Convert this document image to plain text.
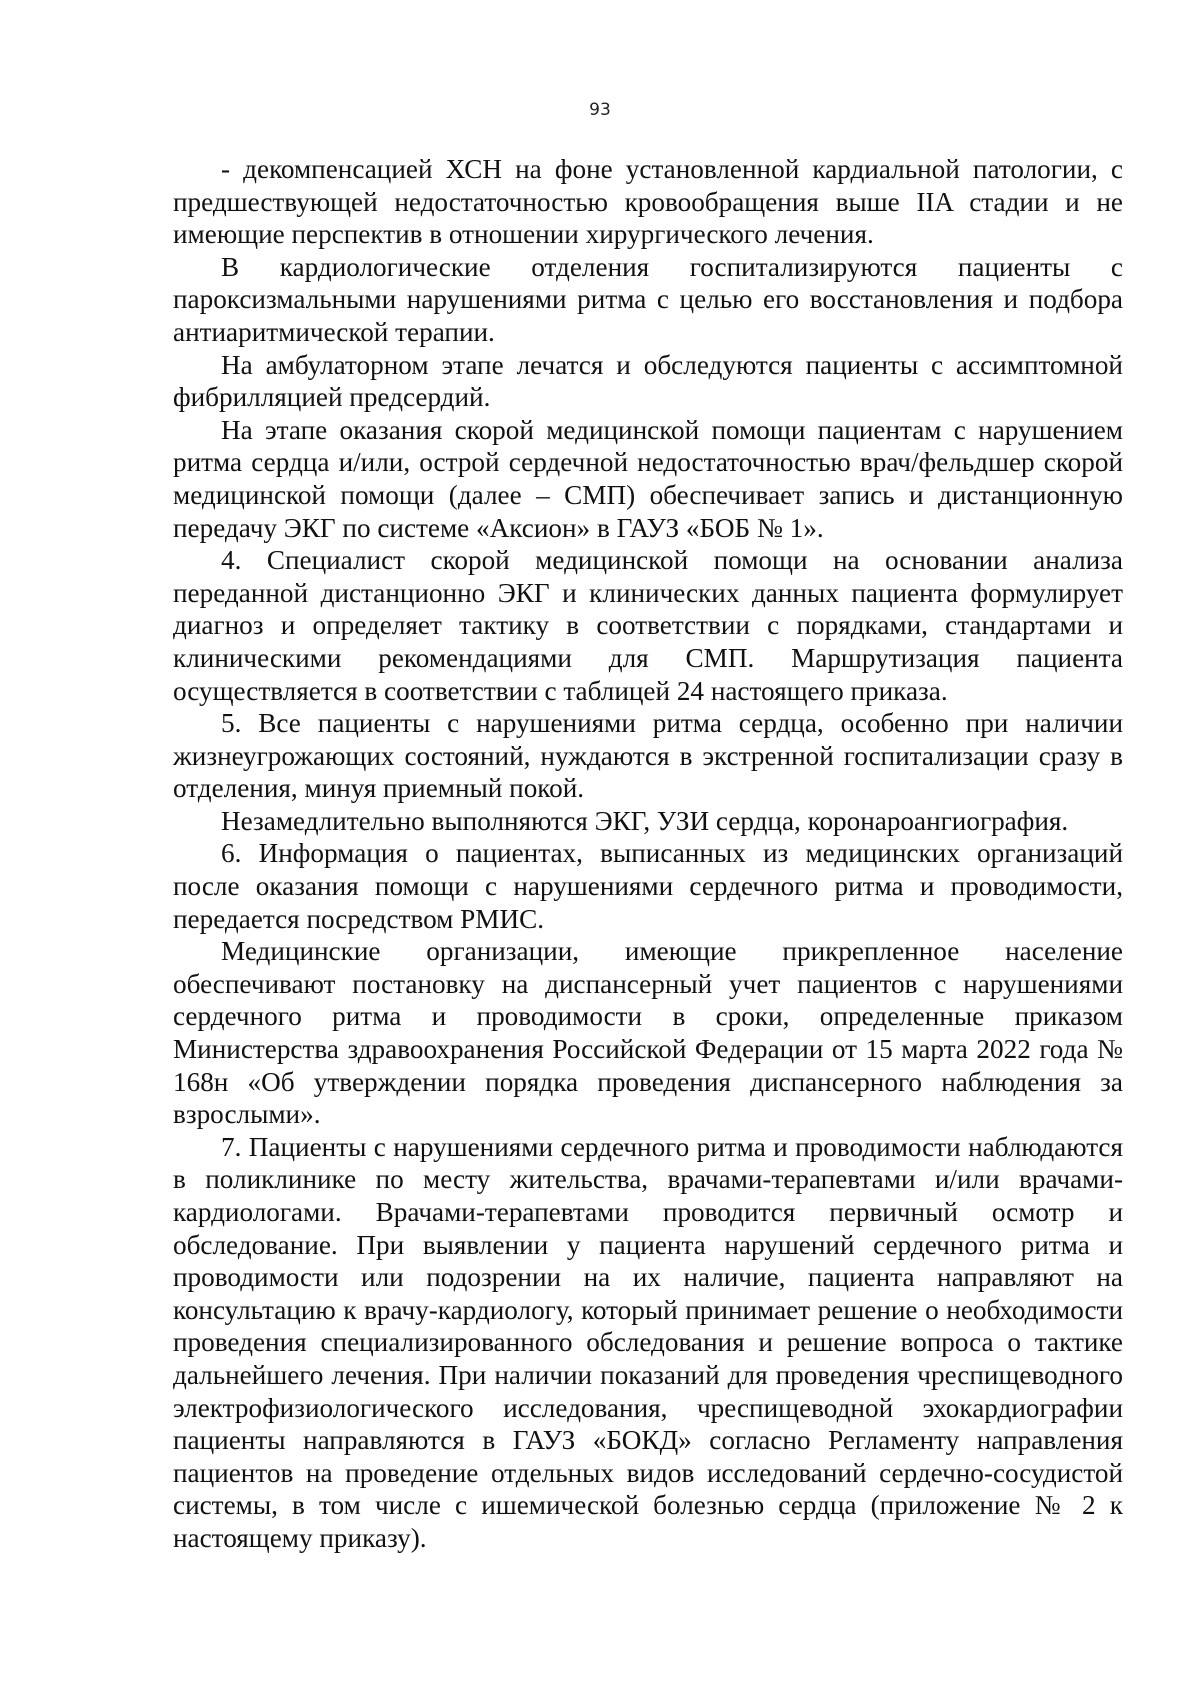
93

- декомпенсацией ХСН на фоне установленной кардиальной патологии, с предшествующей недостаточностью кровообращения выше IIA стадии и не имеющие перспектив в отношении хирургического лечения.

В кардиологические отделения госпитализируются пациенты с пароксизмальными нарушениями ритма с целью его восстановления и подбора антиаритмической терапии.

На амбулаторном этапе лечатся и обследуются пациенты с ассимптомной фибрилляцией предсердий.

На этапе оказания скорой медицинской помощи пациентам с нарушением ритма сердца и/или, острой сердечной недостаточностью врач/фельдшер скорой медицинской помощи (далее – СМП) обеспечивает запись и дистанционную передачу ЭКГ по системе «Аксион» в ГАУЗ «БОБ № 1».

4. Специалист скорой медицинской помощи на основании анализа переданной дистанционно ЭКГ и клинических данных пациента формулирует диагноз и определяет тактику в соответствии с порядками, стандартами и клиническими рекомендациями для СМП. Маршрутизация пациента осуществляется в соответствии с таблицей 24 настоящего приказа.

5. Все пациенты с нарушениями ритма сердца, особенно при наличии жизнеугрожающих состояний, нуждаются в экстренной госпитализации сразу в отделения, минуя приемный покой.

Незамедлительно выполняются ЭКГ, УЗИ сердца, коронароангиография.

6. Информация о пациентах, выписанных из медицинских организаций после оказания помощи с нарушениями сердечного ритма и проводимости, передается посредством РМИС.

Медицинские организации, имеющие прикрепленное население обеспечивают постановку на диспансерный учет пациентов с нарушениями сердечного ритма и проводимости в сроки, определенные приказом Министерства здравоохранения Российской Федерации от 15 марта 2022 года № 168н «Об утверждении порядка проведения диспансерного наблюдения за взрослыми».

7. Пациенты с нарушениями сердечного ритма и проводимости наблюдаются в поликлинике по месту жительства, врачами-терапевтами и/или врачами-кардиологами. Врачами-терапевтами проводится первичный осмотр и обследование. При выявлении у пациента нарушений сердечного ритма и проводимости или подозрении на их наличие, пациента направляют на консультацию к врачу-кардиологу, который принимает решение о необходимости проведения специализированного обследования и решение вопроса о тактике дальнейшего лечения. При наличии показаний для проведения чреспищеводного электрофизиологического исследования, чреспищеводной эхокардиографии пациенты направляются в ГАУЗ «БОКД» согласно Регламенту направления пациентов на проведение отдельных видов исследований сердечно-сосудистой системы, в том числе с ишемической болезнью сердца (приложение № 2 к настоящему приказу).
